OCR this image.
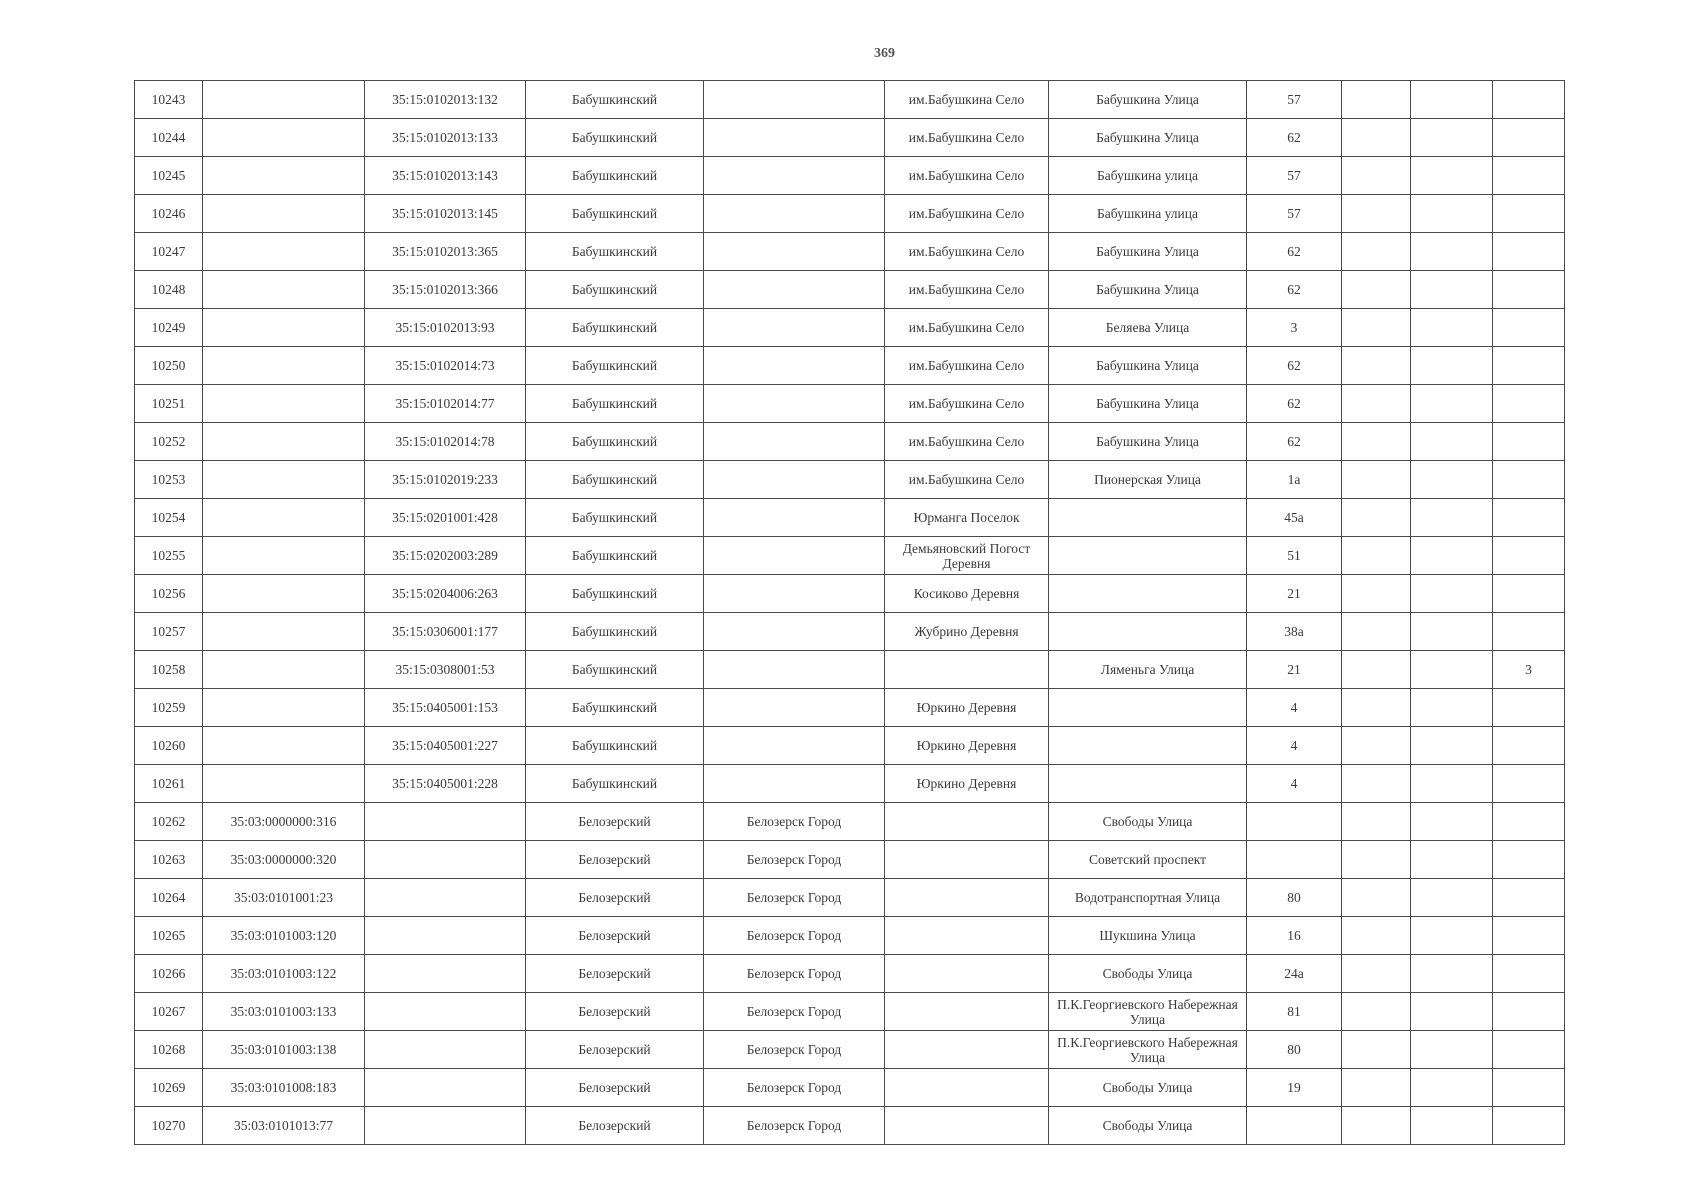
369
10243		35:15:0102013:132	Бабушкинский		им.Бабушкина Село	Бабушкина Улица	57			
10244		35:15:0102013:133	Бабушкинский		им.Бабушкина Село	Бабушкина Улица	62			
10245		35:15:0102013:143	Бабушкинский		им.Бабушкина Село	Бабушкина улица	57			
10246		35:15:0102013:145	Бабушкинский		им.Бабушкина Село	Бабушкина улица	57			
10247		35:15:0102013:365	Бабушкинский		им.Бабушкина Село	Бабушкина Улица	62			
10248		35:15:0102013:366	Бабушкинский		им.Бабушкина Село	Бабушкина Улица	62			
10249		35:15:0102013:93	Бабушкинский		им.Бабушкина Село	Беляева Улица	3			
10250		35:15:0102014:73	Бабушкинский		им.Бабушкина Село	Бабушкина Улица	62			
10251		35:15:0102014:77	Бабушкинский		им.Бабушкина Село	Бабушкина Улица	62			
10252		35:15:0102014:78	Бабушкинский		им.Бабушкина Село	Бабушкина Улица	62			
10253		35:15:0102019:233	Бабушкинский		им.Бабушкина Село	Пионерская Улица	1а			
10254		35:15:0201001:428	Бабушкинский		Юрманга Поселок		45а			
10255		35:15:0202003:289	Бабушкинский		Демьяновский Погост Деревня		51			
10256		35:15:0204006:263	Бабушкинский		Косиково Деревня		21			
10257		35:15:0306001:177	Бабушкинский		Жубрино Деревня		38а			
10258		35:15:0308001:53	Бабушкинский			Ляменьга Улица	21			3
10259		35:15:0405001:153	Бабушкинский		Юркино Деревня		4			
10260		35:15:0405001:227	Бабушкинский		Юркино Деревня		4			
10261		35:15:0405001:228	Бабушкинский		Юркино Деревня		4			
10262	35:03:0000000:316		Белозерский	Белозерск Город		Свободы Улица				
10263	35:03:0000000:320		Белозерский	Белозерск Город		Советский проспект				
10264	35:03:0101001:23		Белозерский	Белозерск Город		Водотранспортная Улица	80			
10265	35:03:0101003:120		Белозерский	Белозерск Город		Шукшина Улица	16			
10266	35:03:0101003:122		Белозерский	Белозерск Город		Свободы Улица	24а			
10267	35:03:0101003:133		Белозерский	Белозерск Город		П.К.Георгиевского Набережная Улица	81			
10268	35:03:0101003:138		Белозерский	Белозерск Город		П.К.Георгиевского Набережная Улица	80			
10269	35:03:0101008:183		Белозерский	Белозерск Город		Свободы Улица	19			
10270	35:03:0101013:77		Белозерский	Белозерск Город		Свободы Улица				
